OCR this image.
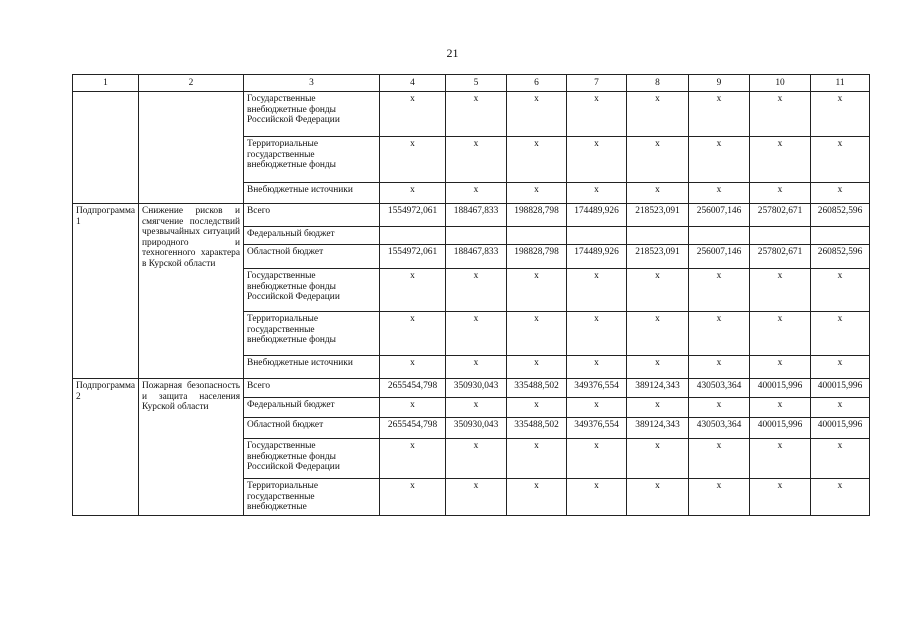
21
1	2	3	4	5	6	7	8	9	10	11
		Государственные внебюджетные фонды Российской Федерации	x	x	x	x	x	x	x	x
		Территориальные государственные внебюджетные фонды	x	x	x	x	x	x	x	x
		Внебюджетные источники	x	x	x	x	x	x	x	x
Подпрограмма 1	Снижение рисков и смягчение последствий чрезвычайных ситуаций природного и техногенного характера в Курской области	Всего	1554972,061	188467,833	198828,798	174489,926	218523,091	256007,146	257802,671	260852,596
		Федеральный бюджет								
		Областной бюджет	1554972,061	188467,833	198828,798	174489,926	218523,091	256007,146	257802,671	260852,596
		Государственные внебюджетные фонды Российской Федерации	x	x	x	x	x	x	x	x
		Территориальные государственные внебюджетные фонды	x	x	x	x	x	x	x	x
		Внебюджетные источники	x	x	x	x	x	x	x	x
Подпрограмма 2	Пожарная безопасность и защита населения Курской области	Всего	2655454,798	350930,043	335488,502	349376,554	389124,343	430503,364	400015,996	400015,996
		Федеральный бюджет	x	x	x	x	x	x	x	x
		Областной бюджет	2655454,798	350930,043	335488,502	349376,554	389124,343	430503,364	400015,996	400015,996
		Государственные внебюджетные фонды Российской Федерации	x	x	x	x	x	x	x	x
		Территориальные государственные внебюджетные	x	x	x	x	x	x	x	x
